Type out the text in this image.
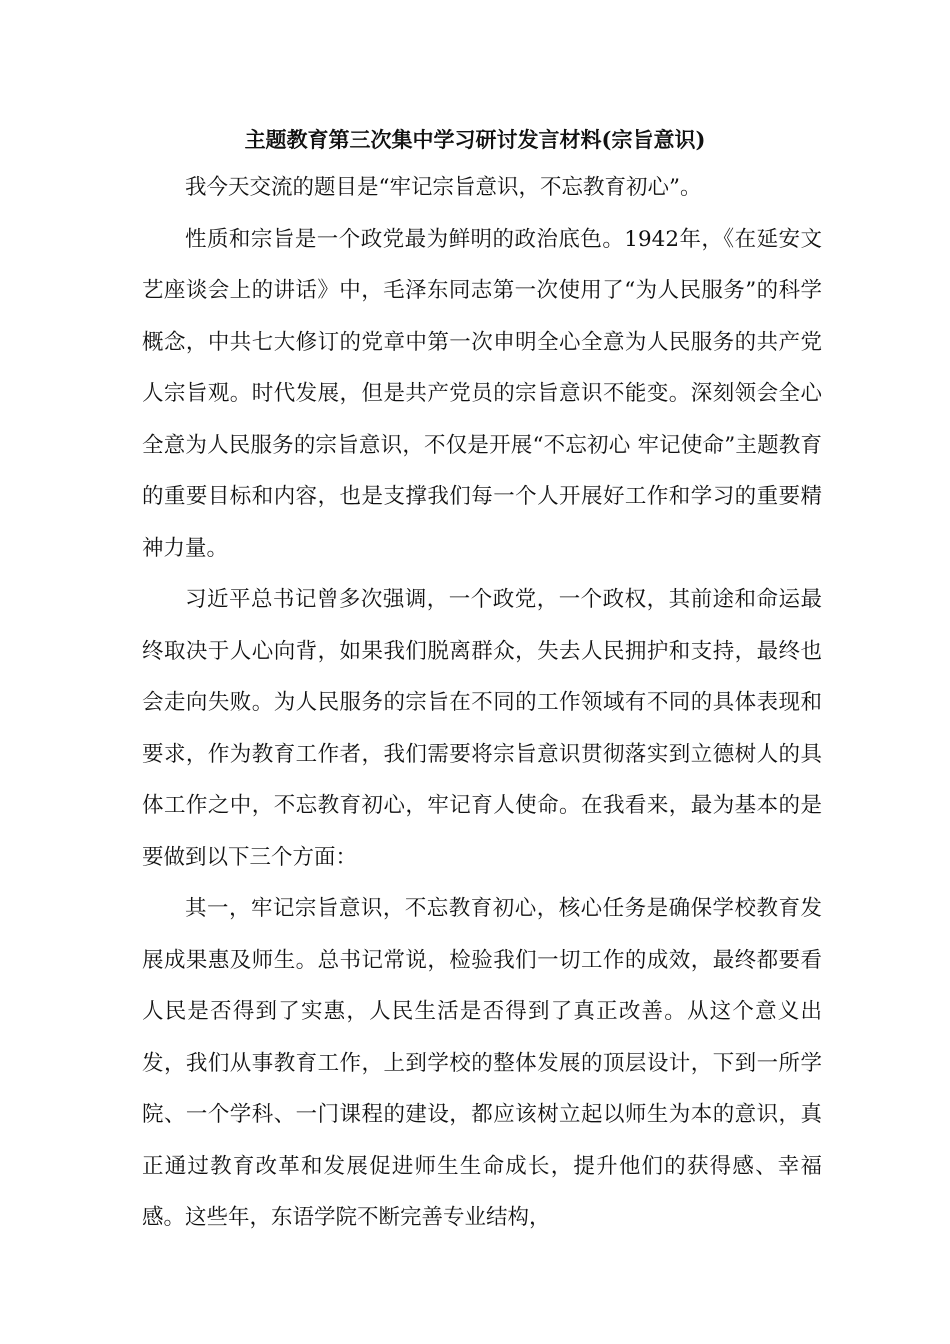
主题教育第三次集中学习研讨发言材料(宗旨意识)

我今天交流的题目是“牢记宗旨意识，不忘教育初心”。

性质和宗旨是一个政党最为鲜明的政治底色。1942年，《在延安文艺座谈会上的讲话》中，毛泽东同志第一次使用了“为人民服务”的科学概念，中共七大修订的党章中第一次申明全心全意为人民服务的共产党人宗旨观。时代发展，但是共产党员的宗旨意识不能变。深刻领会全心全意为人民服务的宗旨意识，不仅是开展“不忘初心 牢记使命”主题教育的重要目标和内容，也是支撑我们每一个人开展好工作和学习的重要精神力量。

习近平总书记曾多次强调，一个政党，一个政权，其前途和命运最终取决于人心向背，如果我们脱离群众，失去人民拥护和支持，最终也会走向失败。为人民服务的宗旨在不同的工作领域有不同的具体表现和要求，作为教育工作者，我们需要将宗旨意识贯彻落实到立德树人的具体工作之中，不忘教育初心，牢记育人使命。在我看来，最为基本的是要做到以下三个方面：

其一，牢记宗旨意识，不忘教育初心，核心任务是确保学校教育发展成果惠及师生。总书记常说，检验我们一切工作的成效，最终都要看人民是否得到了实惠，人民生活是否得到了真正改善。从这个意义出发，我们从事教育工作，上到学校的整体发展的顶层设计，下到一所学院、一个学科、一门课程的建设，都应该树立起以师生为本的意识，真正通过教育改革和发展促进师生生命成长，提升他们的获得感、幸福感。这些年，东语学院不断完善专业结构，
